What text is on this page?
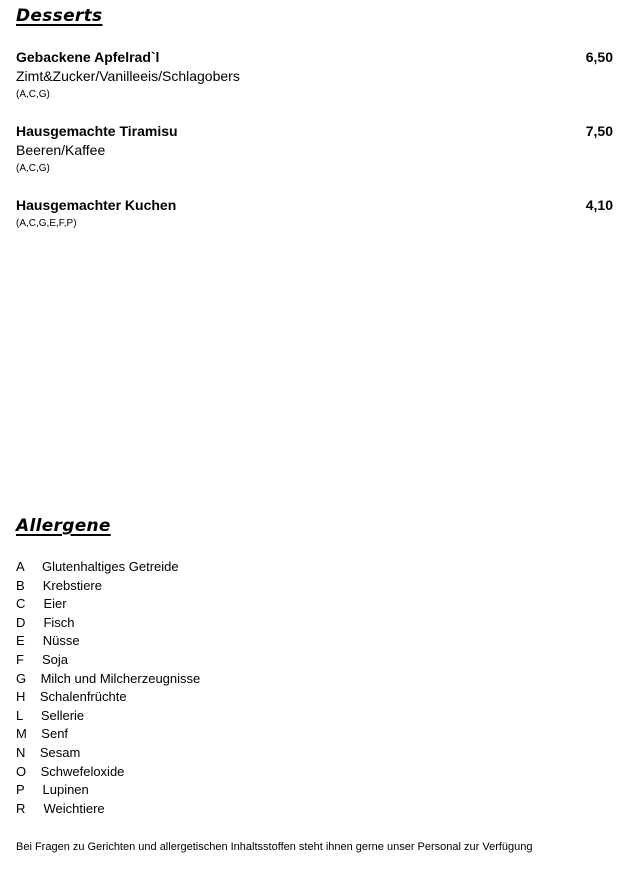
Desserts
Gebackene Apfelrad`l	6,50
Zimt&Zucker/Vanilleeis/Schlagobers
(A,C,G)
Hausgemachte Tiramisu	7,50
Beeren/Kaffee
(A,C,G)
Hausgemachter Kuchen	4,10
(A,C,G,E,F,P)
Allergene
A Glutenhaltiges Getreide
B Krebstiere
C Eier
D Fisch
E Nüsse
F Soja
G Milch und Milcherzeugnisse
H Schalenfrüchte
L Sellerie
M Senf
N Sesam
O Schwefeloxide
P Lupinen
R Weichtiere

Bei Fragen zu Gerichten und allergetischen Inhaltsstoffen steht ihnen gerne unser Personal zur Verfügung
